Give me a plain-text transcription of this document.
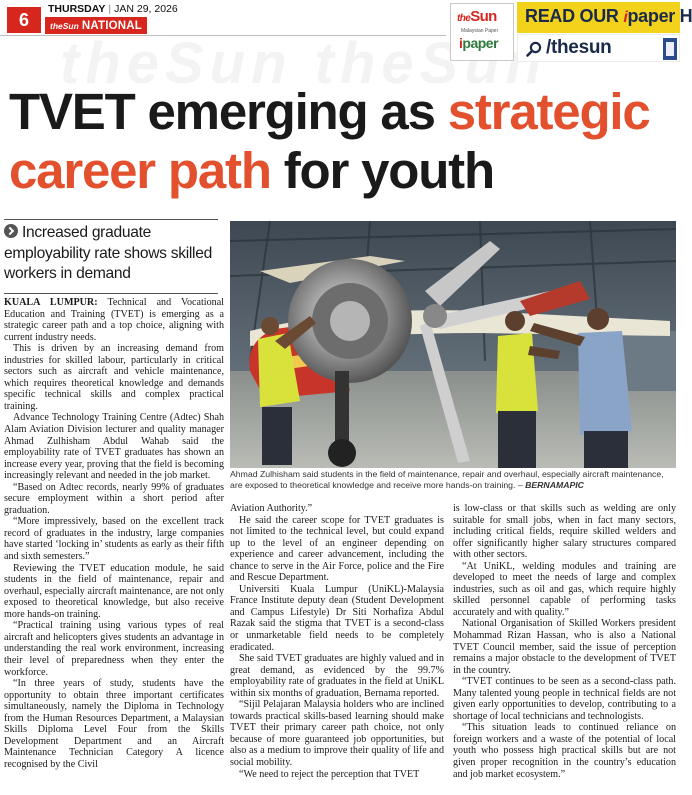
6
THURSDAY | JAN 29, 2026
theSun NATIONAL
theSun
Malaysian Paper
ipaper
READ OUR ipaper H
/thesun
TVET emerging as strategic
career path for youth
Increased graduate employability rate shows skilled workers in demand
Ahmad Zulhisham said students in the field of maintenance, repair and overhaul, especially aircraft maintenance, are exposed to theoretical knowledge and receive more hands-on training. – BERNAMAPIC

KUALA LUMPUR: Technical and Vocational Education and Training (TVET) is emerging as a strategic career path and a top choice, aligning with current industry needs.

This is driven by an increasing demand from industries for skilled labour, particularly in critical sectors such as aircraft and vehicle maintenance, which requires theoretical knowledge and demands specific technical skills and complex practical training.

Advance Technology Training Centre (Adtec) Shah Alam Aviation Division lecturer and quality manager Ahmad Zulhisham Abdul Wahab said the employability rate of TVET graduates has shown an increase every year, proving that the field is becoming increasingly relevant and needed in the job market.

“Based on Adtec records, nearly 99% of graduates secure employment within a short period after graduation.

“More impressively, based on the excellent track record of graduates in the industry, large companies have started ‘locking in’ students as early as their fifth and sixth semesters.”

Reviewing the TVET education module, he said students in the field of maintenance, repair and overhaul, especially aircraft maintenance, are not only exposed to theoretical knowledge, but also receive more hands-on training.

“Practical training using various types of real aircraft and helicopters gives students an advantage in understanding the real work environment, increasing their level of preparedness when they enter the workforce.

“In three years of study, students have the opportunity to obtain three important certificates simultaneously, namely the Diploma in Technology from the Human Resources Department, a Malaysian Skills Diploma Level Four from the Skills Development Department and an Aircraft Maintenance Technician Category A licence recognised by the Civil

Aviation Authority.”

He said the career scope for TVET graduates is not limited to the technical level, but could expand up to the level of an engineer depending on experience and career advancement, including the chance to serve in the Air Force, police and the Fire and Rescue Department.

Universiti Kuala Lumpur (UniKL)-Malaysia France Institute deputy dean (Student Development and Campus Lifestyle) Dr Siti Norhafiza Abdul Razak said the stigma that TVET is a second-class or unmarketable field needs to be completely eradicated.

She said TVET graduates are highly valued and in great demand, as evidenced by the 99.7% employability rate of graduates in the field at UniKL within six months of graduation, Bernama reported.

“Sijil Pelajaran Malaysia holders who are inclined towards practical skills-based learning should make TVET their primary career path choice, not only because of more guaranteed job opportunities, but also as a medium to improve their quality of life and social mobility.

“We need to reject the perception that TVET

is low-class or that skills such as welding are only suitable for small jobs, when in fact many sectors, including critical fields, require skilled welders and offer significantly higher salary structures compared with other sectors.

“At UniKL, welding modules and training are developed to meet the needs of large and complex industries, such as oil and gas, which require highly skilled personnel capable of performing tasks accurately and with quality.”

National Organisation of Skilled Workers president Mohammad Rizan Hassan, who is also a National TVET Council member, said the issue of perception remains a major obstacle to the development of TVET in the country.

“TVET continues to be seen as a second-class path. Many talented young people in technical fields are not given early opportunities to develop, contributing to a shortage of local technicians and technologists.

“This situation leads to continued reliance on foreign workers and a waste of the potential of local youth who possess high practical skills but are not given proper recognition in the country’s education and job market ecosystem.”
